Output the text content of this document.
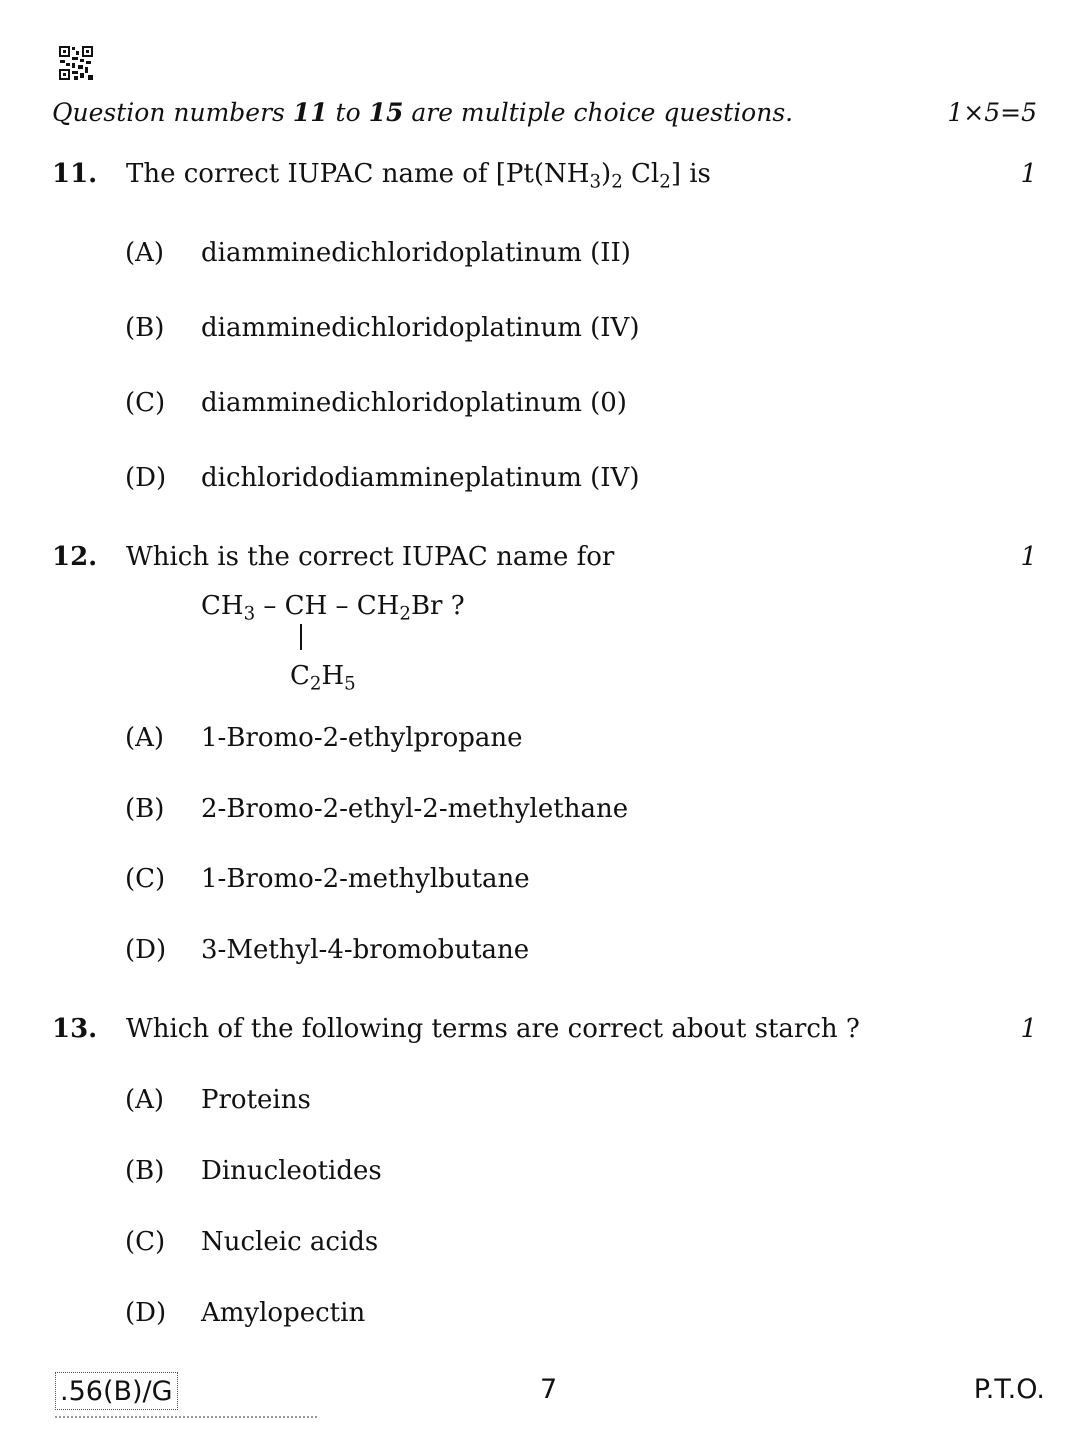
Question numbers 11 to 15 are multiple choice questions.	1×5=5
11.	The correct IUPAC name of [$Pt(NH_3)_2$ $Cl_2$] is	1
(A)	diamminedichloridoplatinum (II)
(B)	diamminedichloridoplatinum (IV)
(C)	diamminedichloridoplatinum (0)
(D)	dichloridodiammineplatinum (IV)
12.	Which is the correct IUPAC name for	1
$CH_3$ – CH – $CH_2Br$ ?
$C_2H_5$
(A)	1-Bromo-2-ethylpropane
(B)	2-Bromo-2-ethyl-2-methylethane
(C)	1-Bromo-2-methylbutane
(D)	3-Methyl-4-bromobutane
13.	Which of the following terms are correct about starch ?	1
(A)	Proteins
(B)	Dinucleotides
(C)	Nucleic acids
(D)	Amylopectin
.56(B)/G	7	P.T.O.
